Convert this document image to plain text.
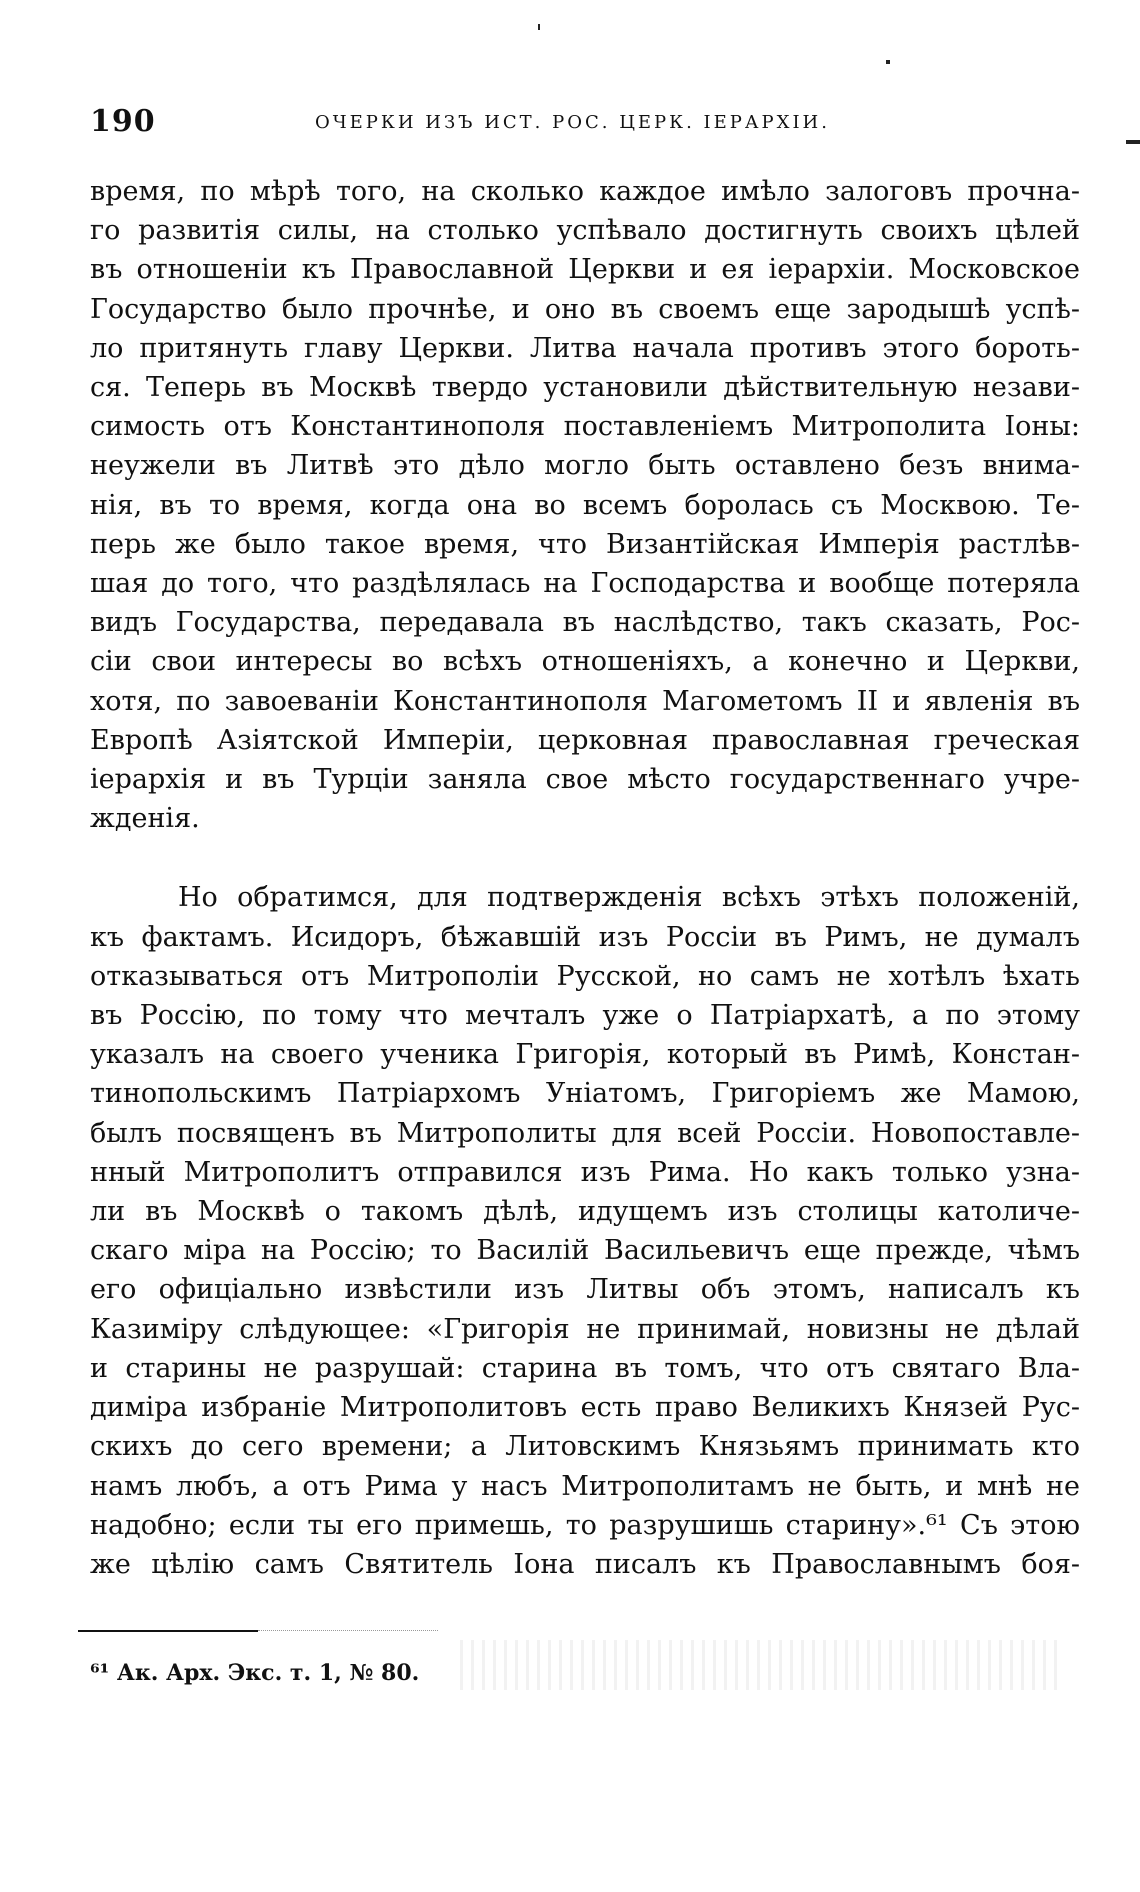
190	ОЧЕРКИ ИЗЪ ИСТ. РОС. ЦЕРК. ІЕРАРХІИ.
время, по мѣрѣ того, на сколько каждое имѣло залоговъ прочна-
го развитія силы, на столько успѣвало достигнуть своихъ цѣлей
въ отношеніи къ Православной Церкви и ея іерархіи. Московское
Государство было прочнѣе, и оно въ своемъ еще зародышѣ успѣ-
ло притянуть главу Церкви. Литва начала противъ этого бороть-
ся. Теперь въ Москвѣ твердо установили дѣйствительную незави-
симость отъ Константинополя поставленіемъ Митрополита Іоны:
неужели въ Литвѣ это дѣло могло быть оставлено безъ внима-
нія, въ то время, когда она во всемъ боролась съ Москвою. Те-
перь же было такое время, что Византійская Имперія растлѣв-
шая до того, что раздѣлялась на Господарства и вообще потеряла
видъ Государства, передавала въ наслѣдство, такъ сказать, Рос-
сіи свои интересы во всѣхъ отношеніяхъ, а конечно и Церкви,
хотя, по завоеваніи Константинополя Магометомъ II и явленія въ
Европѣ Азіятской Имперіи, церковная православная греческая
іерархія и въ Турціи заняла свое мѣсто государственнаго учре-
жденія.
Но обратимся, для подтвержденія всѣхъ этѣхъ положеній,
къ фактамъ. Исидоръ, бѣжавшій изъ Россіи въ Римъ, не думалъ
отказываться отъ Митрополіи Русской, но самъ не хотѣлъ ѣхать
въ Россію, по тому что мечталъ уже о Патріархатѣ, а по этому
указалъ на своего ученика Григорія, который въ Римѣ, Констан-
тинопольскимъ Патріархомъ Уніатомъ, Григоріемъ же Мамою,
былъ посвященъ въ Митрополиты для всей Россіи. Новопоставле-
нный Митрополитъ отправился изъ Рима. Но какъ только узна-
ли въ Москвѣ о такомъ дѣлѣ, идущемъ изъ столицы католиче-
скаго міра на Россію; то Василій Васильевичъ еще прежде, чѣмъ
его офиціально извѣстили изъ Литвы объ этомъ, написалъ къ
Казиміру слѣдующее: «Григорія не принимай, новизны не дѣлай
и старины не разрушай: старина въ томъ, что отъ святаго Вла-
диміра избраніе Митрополитовъ есть право Великихъ Князей Рус-
скихъ до сего времени; а Литовскимъ Князьямъ принимать кто
намъ любъ, а отъ Рима у насъ Митрополитамъ не быть, и мнѣ не
надобно; если ты его примешь, то разрушишь старину».⁶¹ Съ этою
же цѣлію самъ Святитель Іона писалъ къ Православнымъ боя-
⁶¹ Ак. Арх. Экс. т. 1, № 80.
